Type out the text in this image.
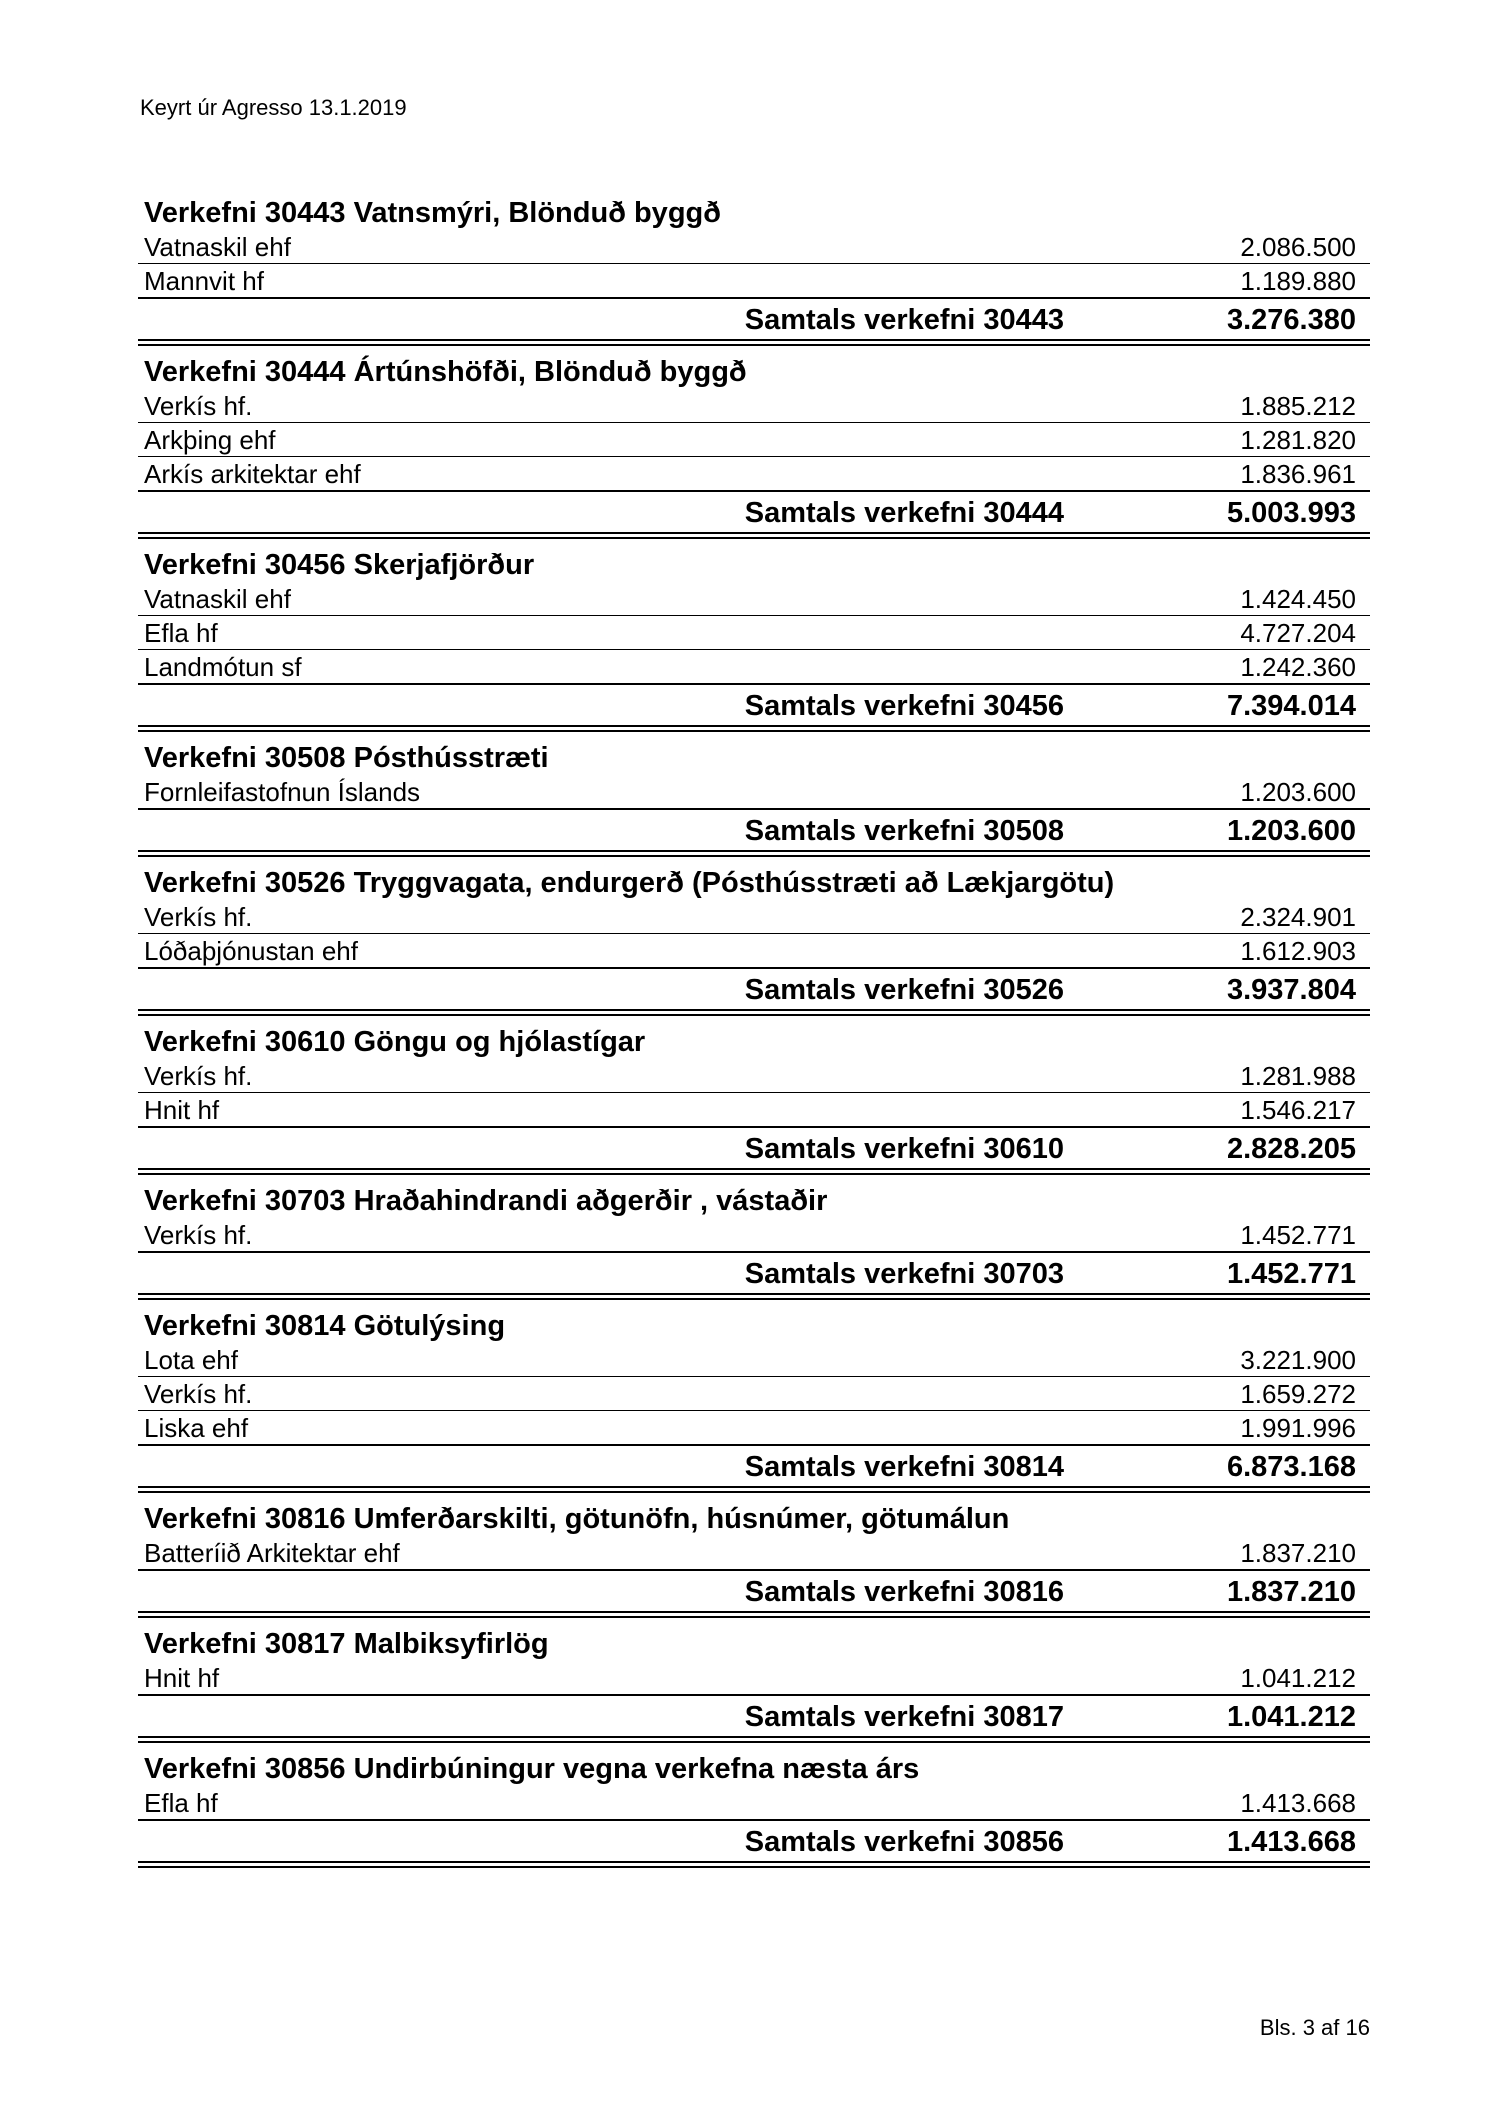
Keyrt úr Agresso 13.1.2019
Verkefni 30443 Vatnsmýri, Blönduð byggð
Vatnaskil ehf	2.086.500
Mannvit hf	1.189.880
Samtals verkefni 30443	3.276.380
Verkefni 30444 Ártúnshöfði, Blönduð byggð
Verkís hf.	1.885.212
Arkþing ehf	1.281.820
Arkís arkitektar ehf	1.836.961
Samtals verkefni 30444	5.003.993
Verkefni 30456 Skerjafjörður
Vatnaskil ehf	1.424.450
Efla hf	4.727.204
Landmótun sf	1.242.360
Samtals verkefni 30456	7.394.014
Verkefni 30508 Pósthússtræti
Fornleifastofnun Íslands	1.203.600
Samtals verkefni 30508	1.203.600
Verkefni 30526 Tryggvagata, endurgerð (Pósthússtræti að Lækjargötu)
Verkís hf.	2.324.901
Lóðaþjónustan ehf	1.612.903
Samtals verkefni 30526	3.937.804
Verkefni 30610 Göngu og hjólastígar
Verkís hf.	1.281.988
Hnit hf	1.546.217
Samtals verkefni 30610	2.828.205
Verkefni 30703 Hraðahindrandi aðgerðir , vástaðir
Verkís hf.	1.452.771
Samtals verkefni 30703	1.452.771
Verkefni 30814 Götulýsing
Lota ehf	3.221.900
Verkís hf.	1.659.272
Liska ehf	1.991.996
Samtals verkefni 30814	6.873.168
Verkefni 30816 Umferðarskilti, götunöfn, húsnúmer, götumálun
Batteríið Arkitektar ehf	1.837.210
Samtals verkefni 30816	1.837.210
Verkefni 30817 Malbiksyfirlög
Hnit hf	1.041.212
Samtals verkefni 30817	1.041.212
Verkefni 30856 Undirbúningur vegna verkefna næsta árs
Efla hf	1.413.668
Samtals verkefni 30856	1.413.668
Bls. 3 af 16
